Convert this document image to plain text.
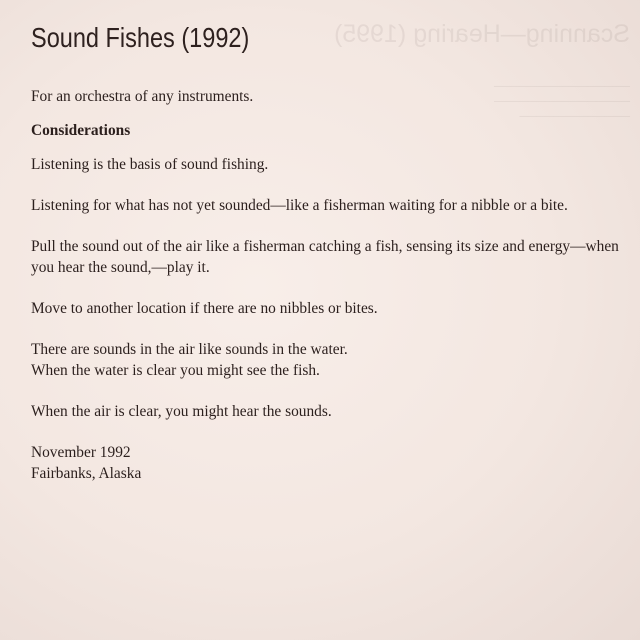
Scanning—Hearing (1995)
────────────────
────────────────
─────────────
Sound Fishes (1992)

For an orchestra of any instruments.

Considerations

Listening is the basis of sound fishing.

Listening for what has not yet sounded—like a fisherman waiting for a nibble or a bite.

Pull the sound out of the air like a fisherman catching a fish, sensing its size and energy—when you hear the sound,—play it.

Move to another location if there are no nibbles or bites.

There are sounds in the air like sounds in the water.

When the water is clear you might see the fish.

When the air is clear, you might hear the sounds.

November 1992

Fairbanks, Alaska
